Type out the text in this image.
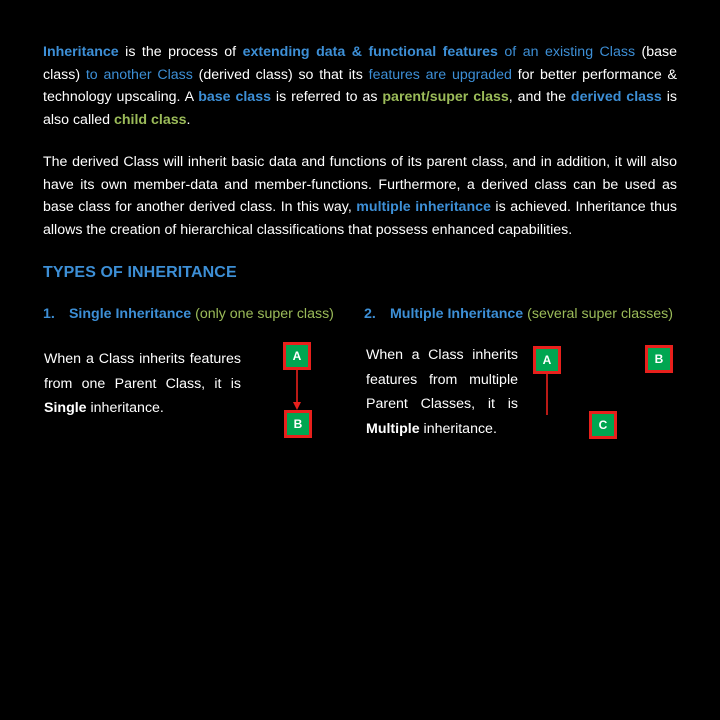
Inheritance is the process of extending data & functional features of an existing Class (base class) to another Class (derived class) so that its features are upgraded for better performance & technology upscaling. A base class is referred to as parent/super class, and the derived class is also called child class.

The derived Class will inherit basic data and functions of its parent class, and in addition, it will also have its own member-data and member-functions. Furthermore, a derived class can be used as base class for another derived class. In this way, multiple inheritance is achieved. Inheritance thus allows the creation of hierarchical classifications that possess enhanced capabilities.

TYPES OF INHERITANCE
1. Single Inheritance (only one super class) 2. Multiple Inheritance (several super classes)

When a Class inherits features from one Parent Class, it is Single inheritance.

When a Class inherits features from multiple Parent Classes, it is Multiple inheritance.

A
B
A	B
C
